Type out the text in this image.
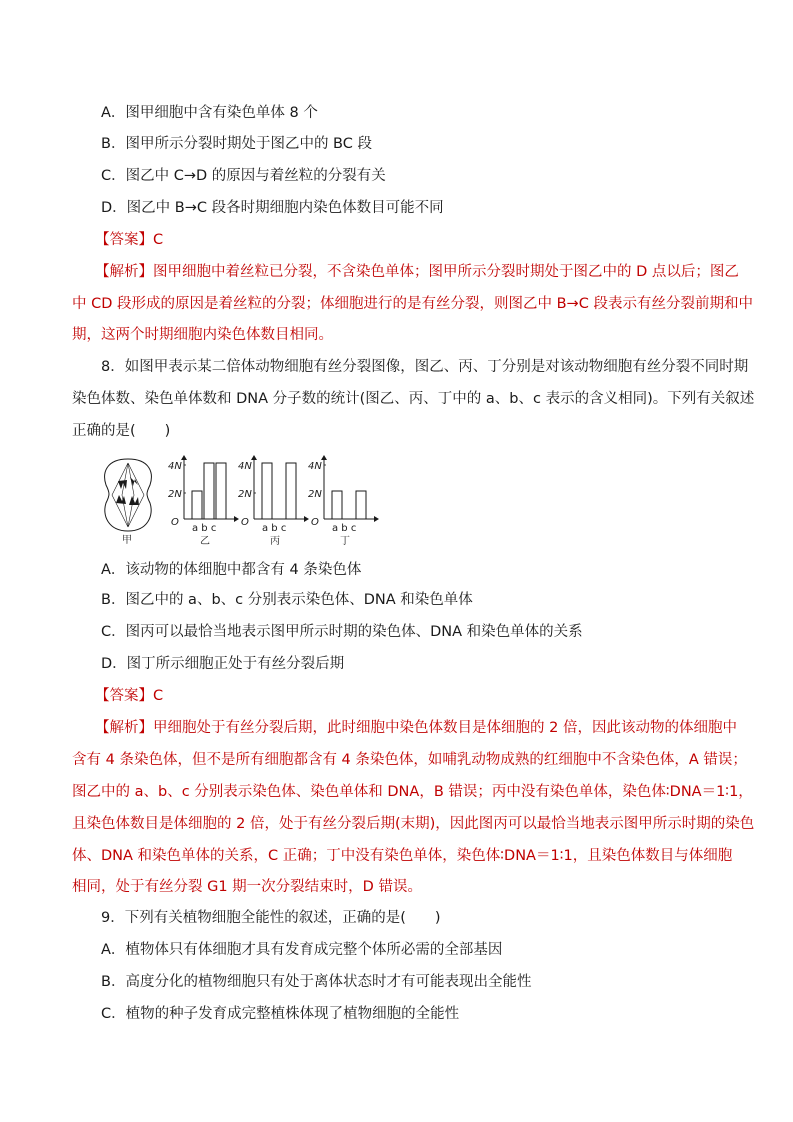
A．图甲细胞中含有染色单体 8 个
B．图甲所示分裂时期处于图乙中的 BC 段
C．图乙中 C→D 的原因与着丝粒的分裂有关
D．图乙中 B→C 段各时期细胞内染色体数目可能不同
【答案】C
【解析】图甲细胞中着丝粒已分裂，不含染色单体；图甲所示分裂时期处于图乙中的 D 点以后；图乙
中 CD 段形成的原因是着丝粒的分裂；体细胞进行的是有丝分裂，则图乙中 B→C 段表示有丝分裂前期和中
期，这两个时期细胞内染色体数目相同。
8．如图甲表示某二倍体动物细胞有丝分裂图像，图乙、丙、丁分别是对该动物细胞有丝分裂不同时期
染色体数、染色单体数和 DNA 分子数的统计(图乙、丙、丁中的 a、b、c 表示的含义相同)。下列有关叙述
正确的是(　　)
甲
4N
2N
O
a b c
乙
4N
2N
O
a b c
丙
4N
2N
O
a b c
丁
A．该动物的体细胞中都含有 4 条染色体
B．图乙中的 a、b、c 分别表示染色体、DNA 和染色单体
C．图丙可以最恰当地表示图甲所示时期的染色体、DNA 和染色单体的关系
D．图丁所示细胞正处于有丝分裂后期
【答案】C
【解析】甲细胞处于有丝分裂后期，此时细胞中染色体数目是体细胞的 2 倍，因此该动物的体细胞中
含有 4 条染色体，但不是所有细胞都含有 4 条染色体，如哺乳动物成熟的红细胞中不含染色体，A 错误；
图乙中的 a、b、c 分别表示染色体、染色单体和 DNA，B 错误；丙中没有染色单体，染色体∶DNA＝1∶1，
且染色体数目是体细胞的 2 倍，处于有丝分裂后期(末期)，因此图丙可以最恰当地表示图甲所示时期的染色
体、DNA 和染色单体的关系，C 正确；丁中没有染色单体，染色体∶DNA＝1∶1，且染色体数目与体细胞
相同，处于有丝分裂 G1 期一次分裂结束时，D 错误。
9．下列有关植物细胞全能性的叙述，正确的是(　　)
A．植物体只有体细胞才具有发育成完整个体所必需的全部基因
B．高度分化的植物细胞只有处于离体状态时才有可能表现出全能性
C．植物的种子发育成完整植株体现了植物细胞的全能性
